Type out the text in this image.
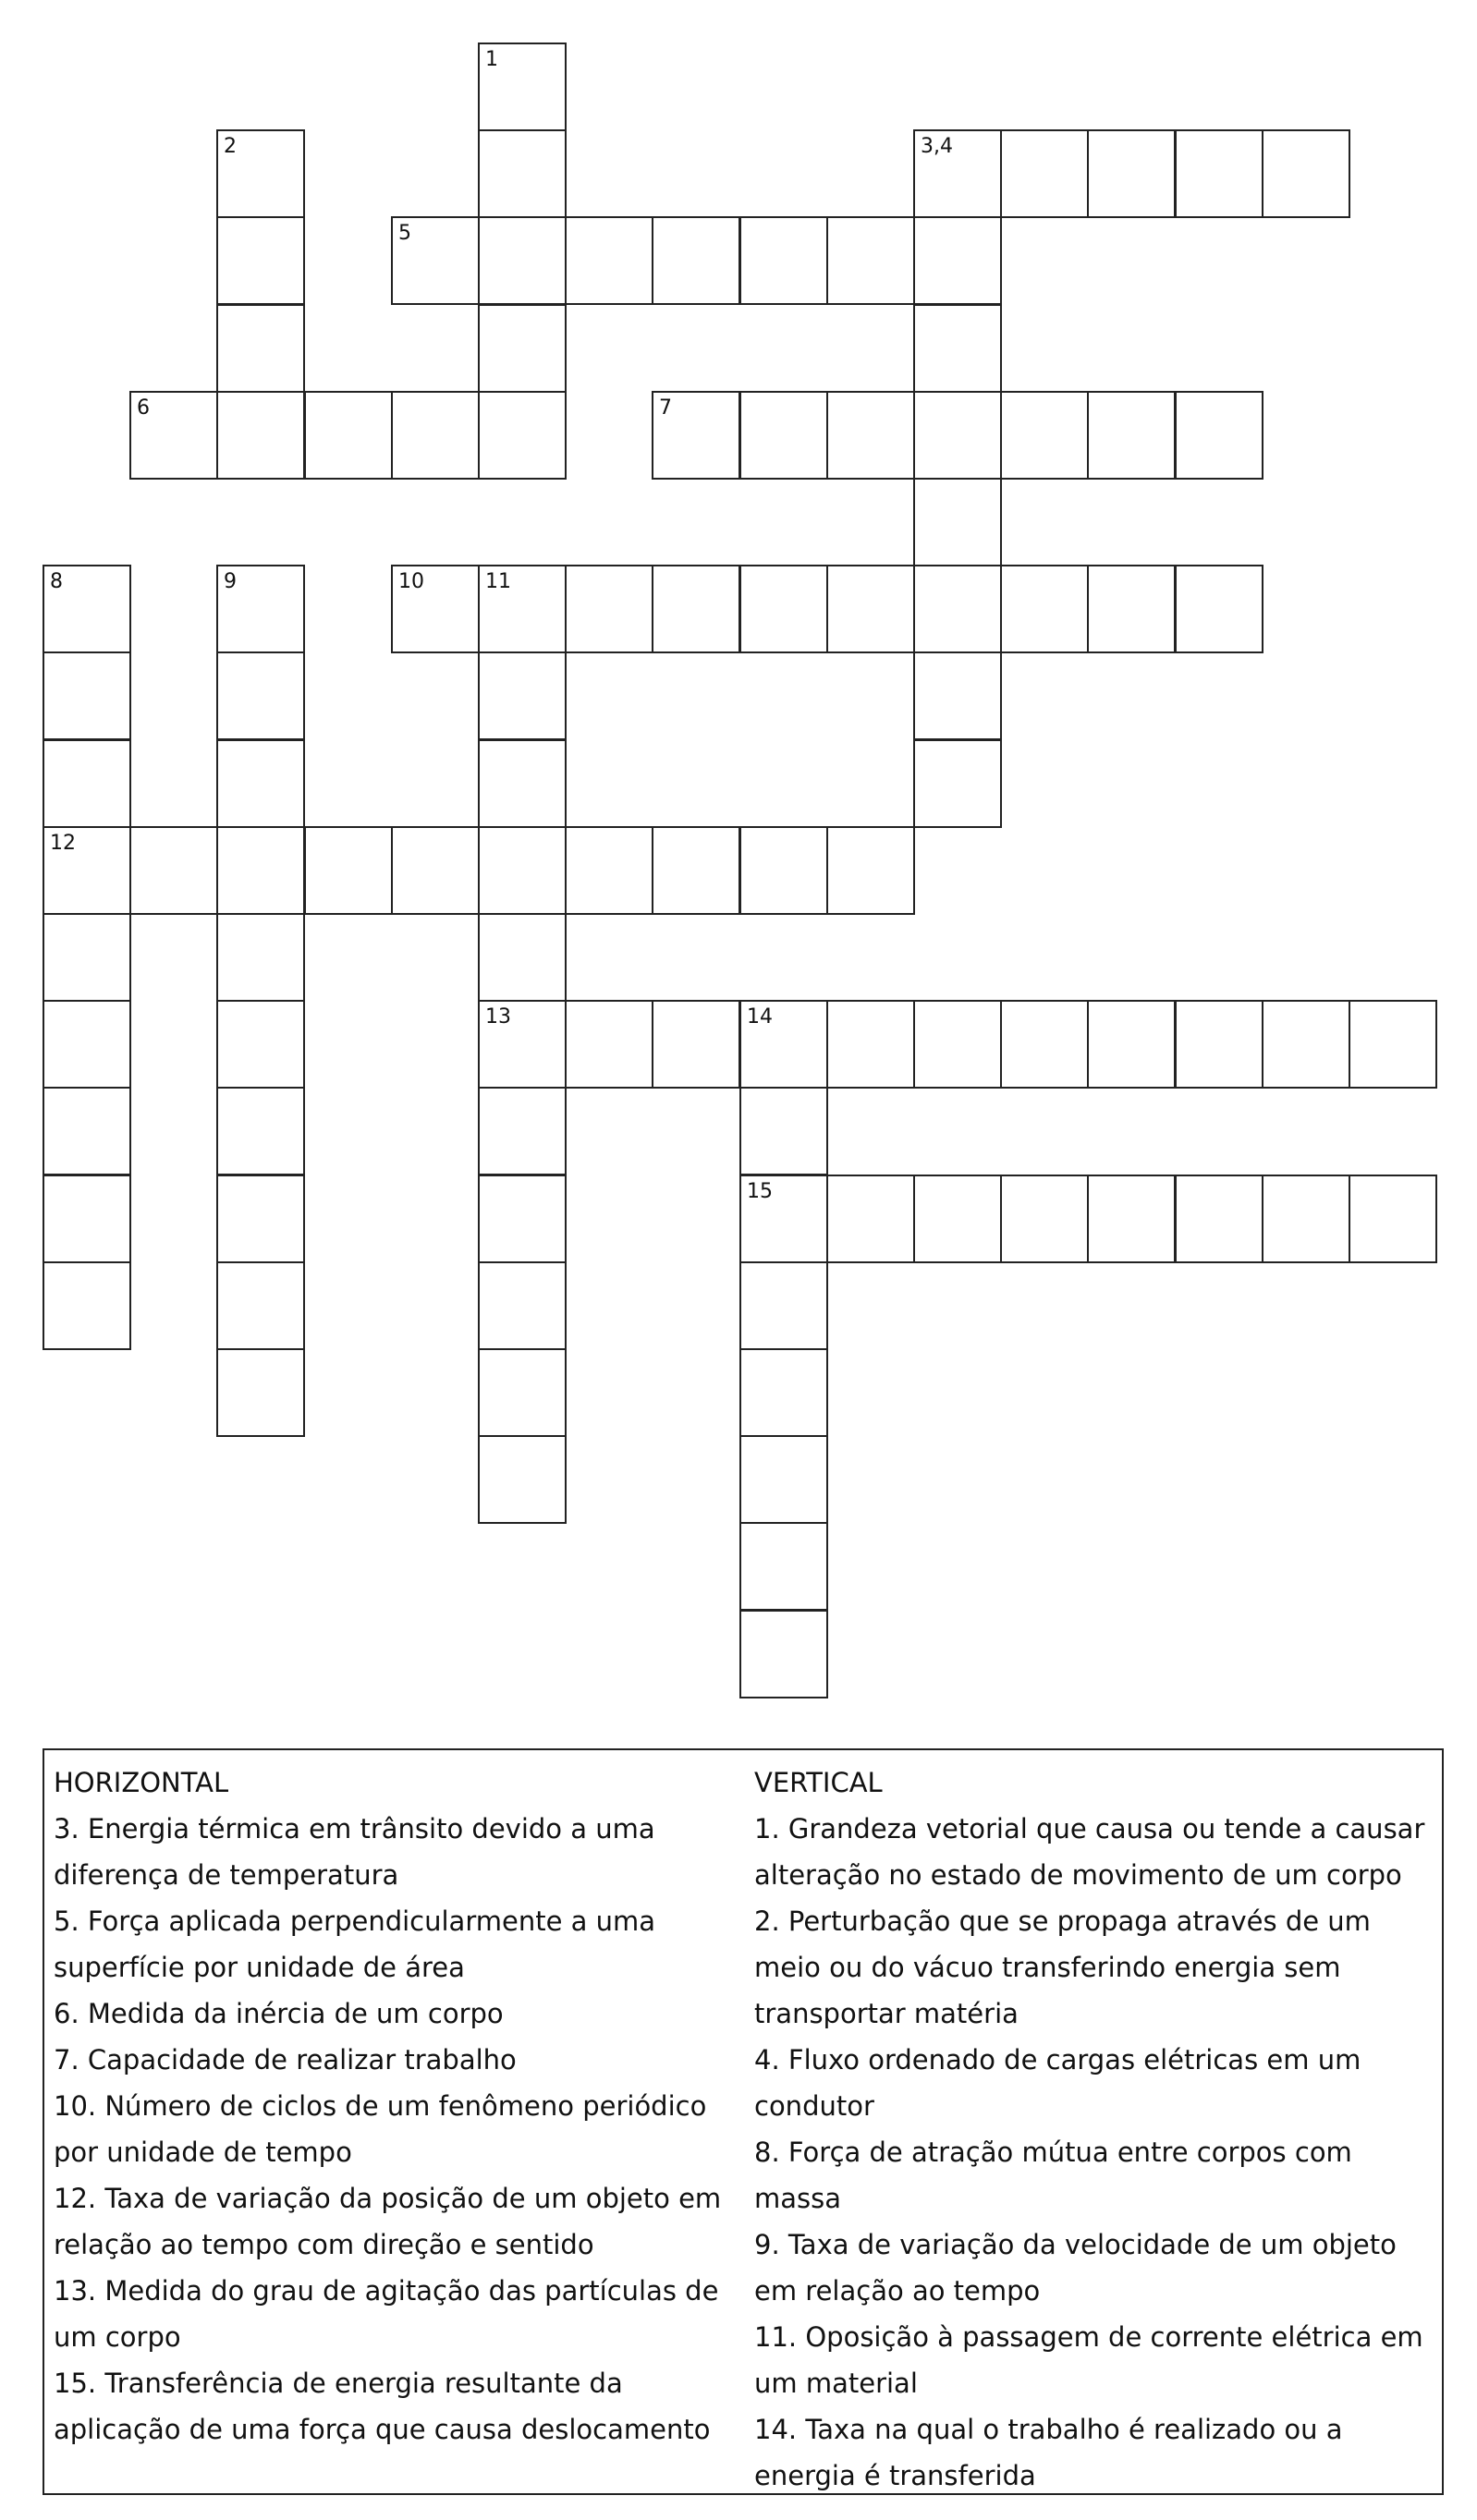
1
2	3,4
5
6	7
8
12
9	10	11
13	14
15
HORIZONTAL
3. Energia térmica em trânsito devido a uma diferença de temperatura
5. Força aplicada perpendicularmente a uma superfície por unidade de área
6. Medida da inércia de um corpo
7. Capacidade de realizar trabalho
10. Número de ciclos de um fenômeno periódico por unidade de tempo
12. Taxa de variação da posição de um objeto em relação ao tempo com direção e sentido
13. Medida do grau de agitação das partículas de um corpo
15. Transferência de energia resultante da aplicação de uma força que causa deslocamento
VERTICAL
1. Grandeza vetorial que causa ou tende a causar alteração no estado de movimento de um corpo
2. Perturbação que se propaga através de um meio ou do vácuo transferindo energia sem transportar matéria
4. Fluxo ordenado de cargas elétricas em um condutor
8. Força de atração mútua entre corpos com massa
9. Taxa de variação da velocidade de um objeto em relação ao tempo
11. Oposição à passagem de corrente elétrica em um material
14. Taxa na qual o trabalho é realizado ou a energia é transferida
